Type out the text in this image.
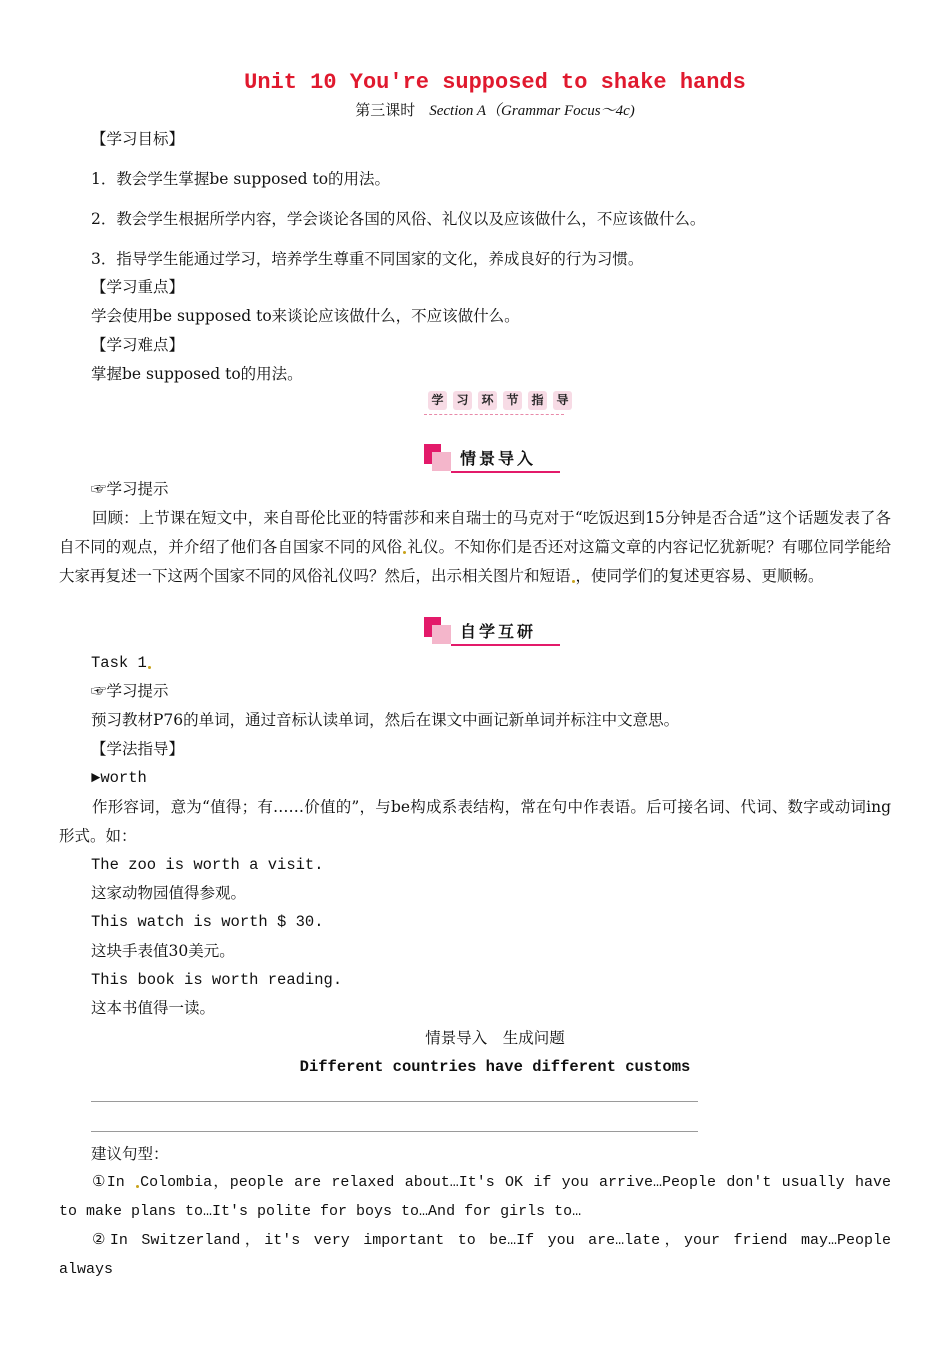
Unit 10 You're supposed to shake hands
第三课时 Section A（Grammar Focus～4c)
【学习目标】
1．教会学生掌握be supposed to的用法。
2．教会学生根据所学内容，学会谈论各国的风俗、礼仪以及应该做什么，不应该做什么。
3．指导学生能通过学习，培养学生尊重不同国家的文化，养成良好的行为习惯。
【学习重点】
学会使用be supposed to来谈论应该做什么，不应该做什么。
【学习难点】
掌握be supposed to的用法。
学 习 环 节 指 导
情景导入
☞学习提示
回顾：上节课在短文中，来自哥伦比亚的特雷莎和来自瑞士的马克对于“吃饭迟到15分钟是否合适”这个话题发表了各自不同的观点，并介绍了他们各自国家不同的风俗 礼仪。不知你们是否还对这篇文章的内容记忆犹新呢？有哪位同学能给大家再复述一下这两个国家不同的风俗礼仪吗？然后，出示相关图片和短语 ，使同学们的复述更容易、更顺畅。
自学互研
Task 1
☞学习提示
预习教材P76的单词，通过音标认读单词，然后在课文中画记新单词并标注中文意思。
【学法指导】
►worth
作形容词，意为“值得；有……价值的”，与be构成系表结构，常在句中作表语。后可接名词、代词、数字或动词ing形式。如：
The zoo is worth a visit.
这家动物园值得参观。
This watch is worth $ 30.
这块手表值30美元。
This book is worth reading.
这本书值得一读。
情景导入　生成问题
Different countries have different customs
建议句型：
①In Colombia，people are relaxed about…It's OK if you arrive…People don't usually have to make plans to…It's polite for boys to…And for girls to…
②In Switzerland，it's very important to be…If you are…late，your friend may…People always
